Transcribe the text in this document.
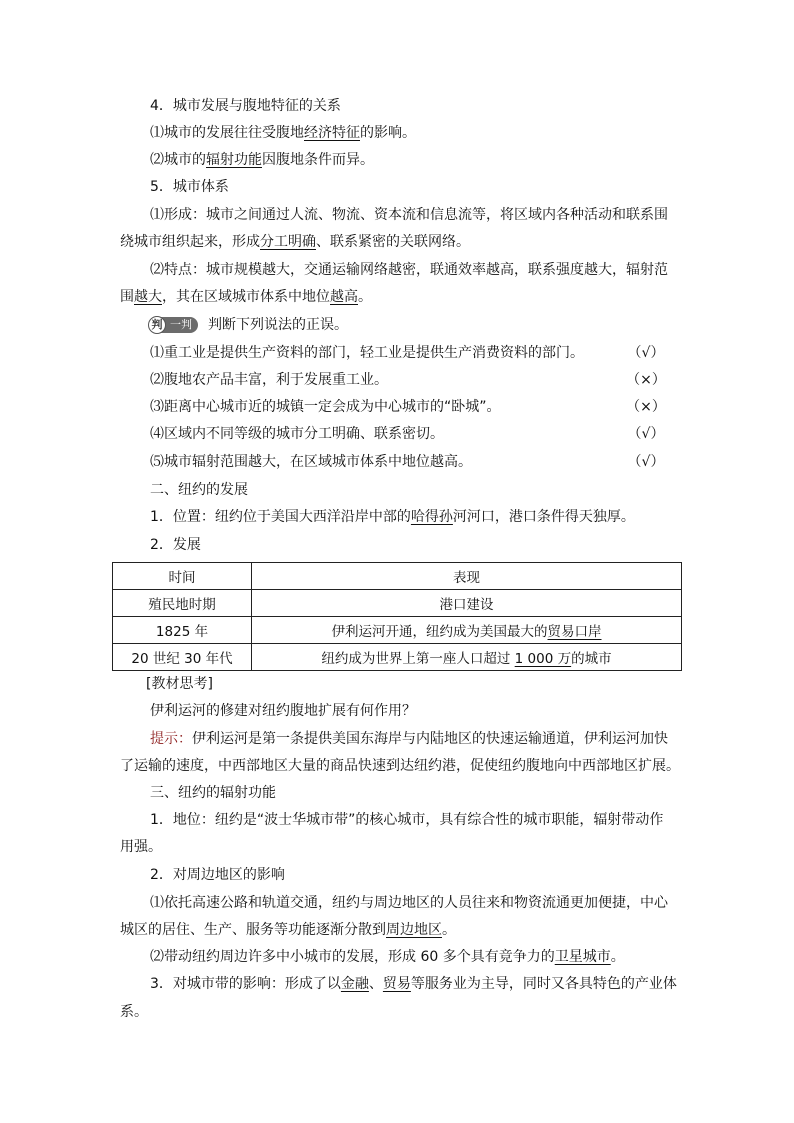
4．城市发展与腹地特征的关系
⑴城市的发展往往受腹地经济特征的影响。
⑵城市的辐射功能因腹地条件而异。
5．城市体系
⑴形成：城市之间通过人流、物流、资本流和信息流等，将区域内各种活动和联系围
绕城市组织起来，形成分工明确、联系紧密的关联网络。
⑵特点：城市规模越大，交通运输网络越密，联通效率越高，联系强度越大，辐射范
围越大，其在区域城市体系中地位越高。
判 一判 判断下列说法的正误。
⑴重工业是提供生产资料的部门，轻工业是提供生产消费资料的部门。	（√）
⑵腹地农产品丰富，利于发展重工业。	（×）
⑶距离中心城市近的城镇一定会成为中心城市的“卧城”。	（×）
⑷区域内不同等级的城市分工明确、联系密切。	（√）
⑸城市辐射范围越大，在区域城市体系中地位越高。	（√）
二、纽约的发展
1．位置：纽约位于美国大西洋沿岸中部的哈得孙河河口，港口条件得天独厚。
2．发展
时间	表现
殖民地时期	港口建设
1825 年	伊利运河开通，纽约成为美国最大的贸易口岸
20 世纪 30 年代	纽约成为世界上第一座人口超过 1 000 万的城市
[教材思考]
伊利运河的修建对纽约腹地扩展有何作用？
提示：伊利运河是第一条提供美国东海岸与内陆地区的快速运输通道，伊利运河加快
了运输的速度，中西部地区大量的商品快速到达纽约港，促使纽约腹地向中西部地区扩展。
三、纽约的辐射功能
1．地位：纽约是“波士华城市带”的核心城市，具有综合性的城市职能，辐射带动作
用强。
2．对周边地区的影响
⑴依托高速公路和轨道交通，纽约与周边地区的人员往来和物资流通更加便捷，中心
城区的居住、生产、服务等功能逐渐分散到周边地区。
⑵带动纽约周边许多中小城市的发展，形成 60 多个具有竞争力的卫星城市。
3．对城市带的影响：形成了以金融、贸易等服务业为主导，同时又各具特色的产业体
系。
